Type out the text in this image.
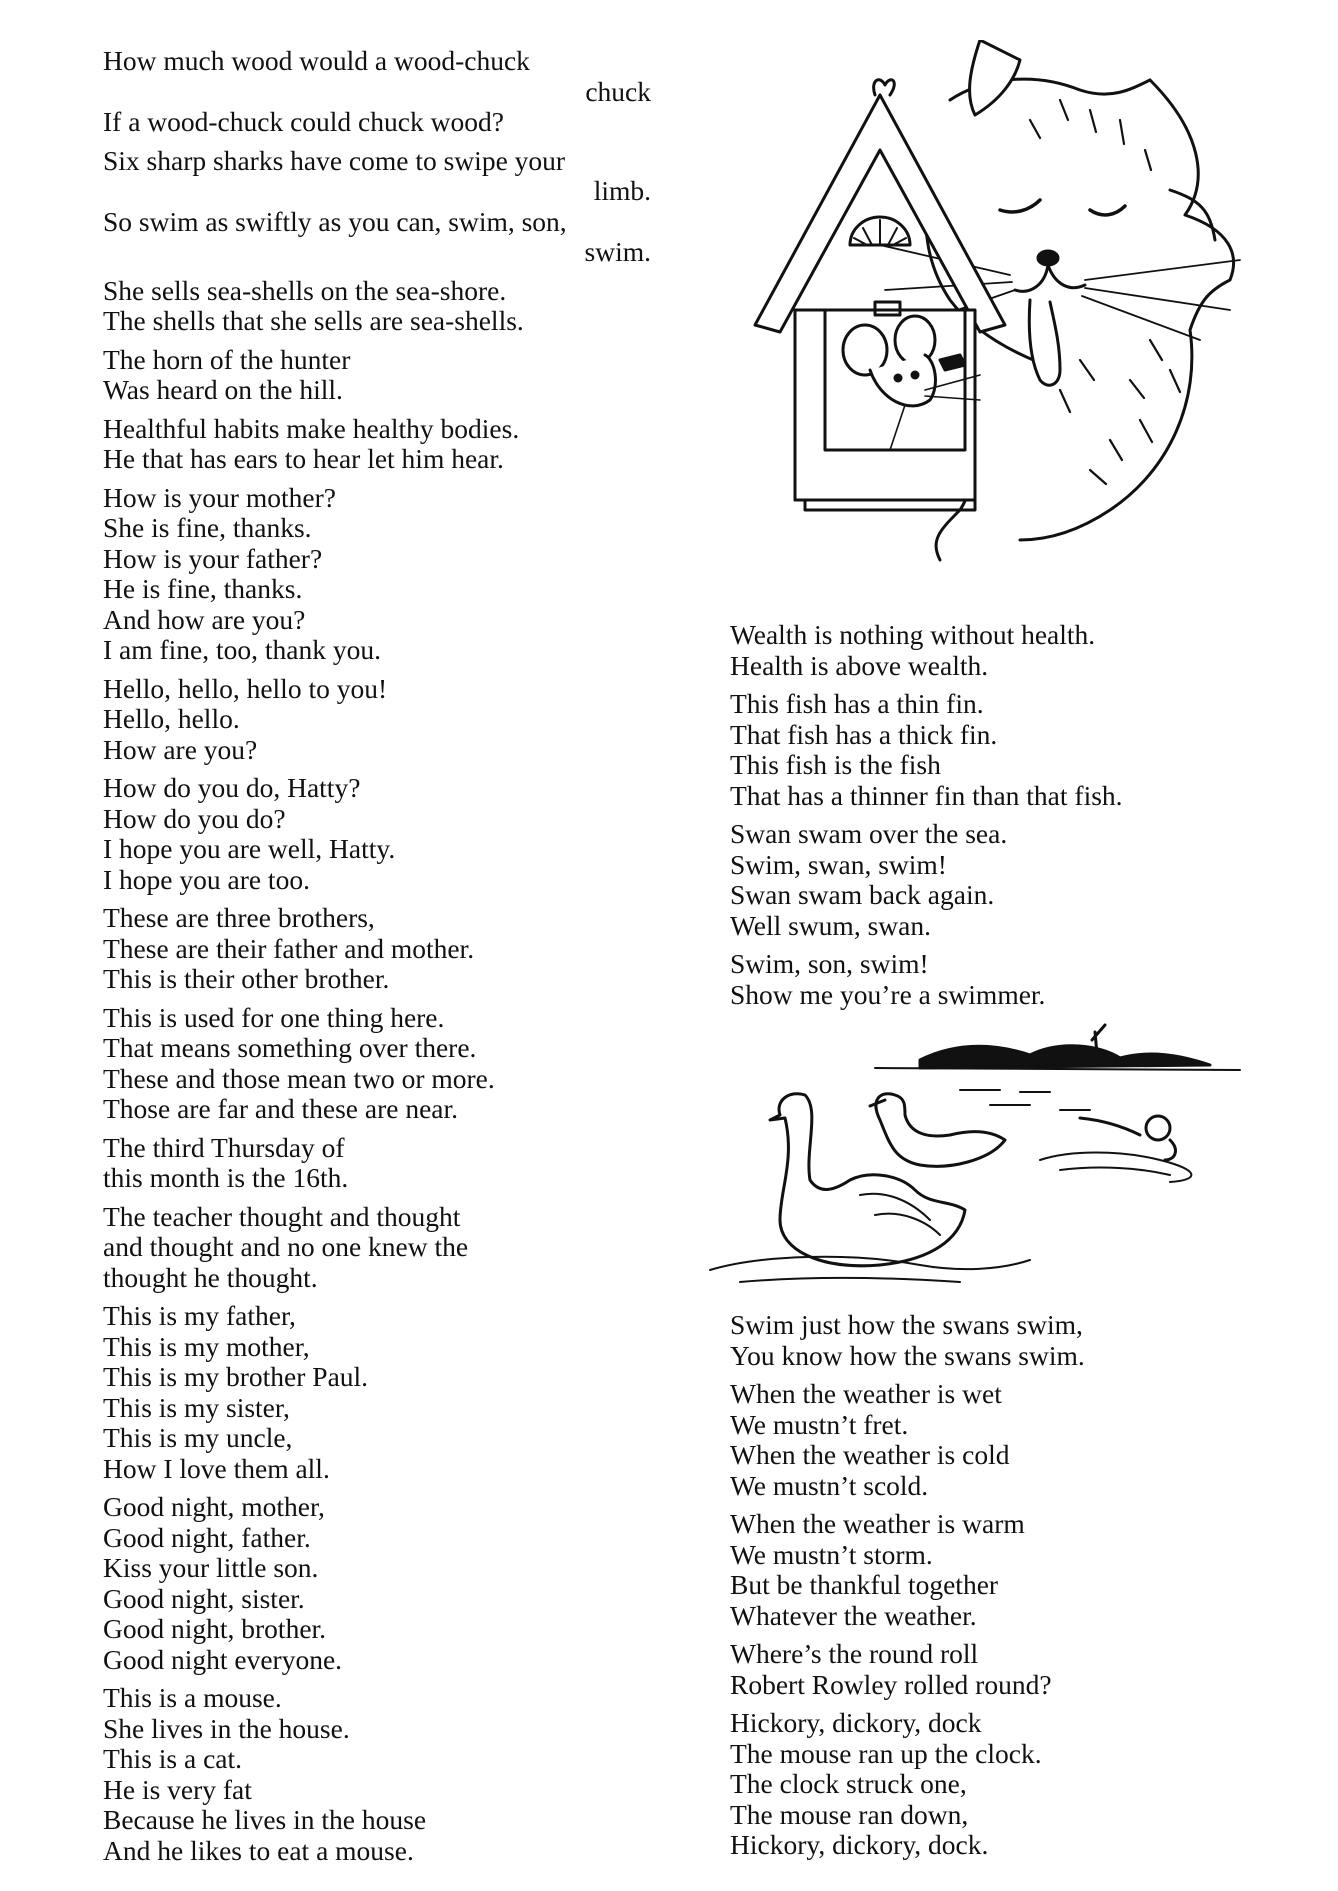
How much wood would a wood-chuck
chuck
If a wood-chuck could chuck wood?
Six sharp sharks have come to swipe your
limb.
So swim as swiftly as you can, swim, son,
swim.
She sells sea-shells on the sea-shore.
The shells that she sells are sea-shells.
The horn of the hunter
Was heard on the hill.
Healthful habits make healthy bodies.
He that has ears to hear let him hear.
How is your mother?
She is fine, thanks.
How is your father?
He is fine, thanks.
And how are you?
I am fine, too, thank you.
Hello, hello, hello to you!
Hello, hello.
How are you?
How do you do, Hatty?
How do you do?
I hope you are well, Hatty.
I hope you are too.
These are three brothers,
These are their father and mother.
This is their other brother.
This is used for one thing here.
That means something over there.
These and those mean two or more.
Those are far and these are near.
The third Thursday of
this month is the 16th.
The teacher thought and thought
and thought and no one knew the
thought he thought.
This is my father,
This is my mother,
This is my brother Paul.
This is my sister,
This is my uncle,
How I love them all.
Good night, mother,
Good night, father.
Kiss your little son.
Good night, sister.
Good night, brother.
Good night everyone.
This is a mouse.
She lives in the house.
This is a cat.
He is very fat
Because he lives in the house
And he likes to eat a mouse.
Wealth is nothing without health.
Health is above wealth.
This fish has a thin fin.
That fish has a thick fin.
This fish is the fish
That has a thinner fin than that fish.
Swan swam over the sea.
Swim, swan, swim!
Swan swam back again.
Well swum, swan.
Swim, son, swim!
Show me you’re a swimmer.
Swim just how the swans swim,
You know how the swans swim.
When the weather is wet
We mustn’t fret.
When the weather is cold
We mustn’t scold.
When the weather is warm
We mustn’t storm.
But be thankful together
Whatever the weather.
Where’s the round roll
Robert Rowley rolled round?
Hickory, dickory, dock
The mouse ran up the clock.
The clock struck one,
The mouse ran down,
Hickory, dickory, dock.
